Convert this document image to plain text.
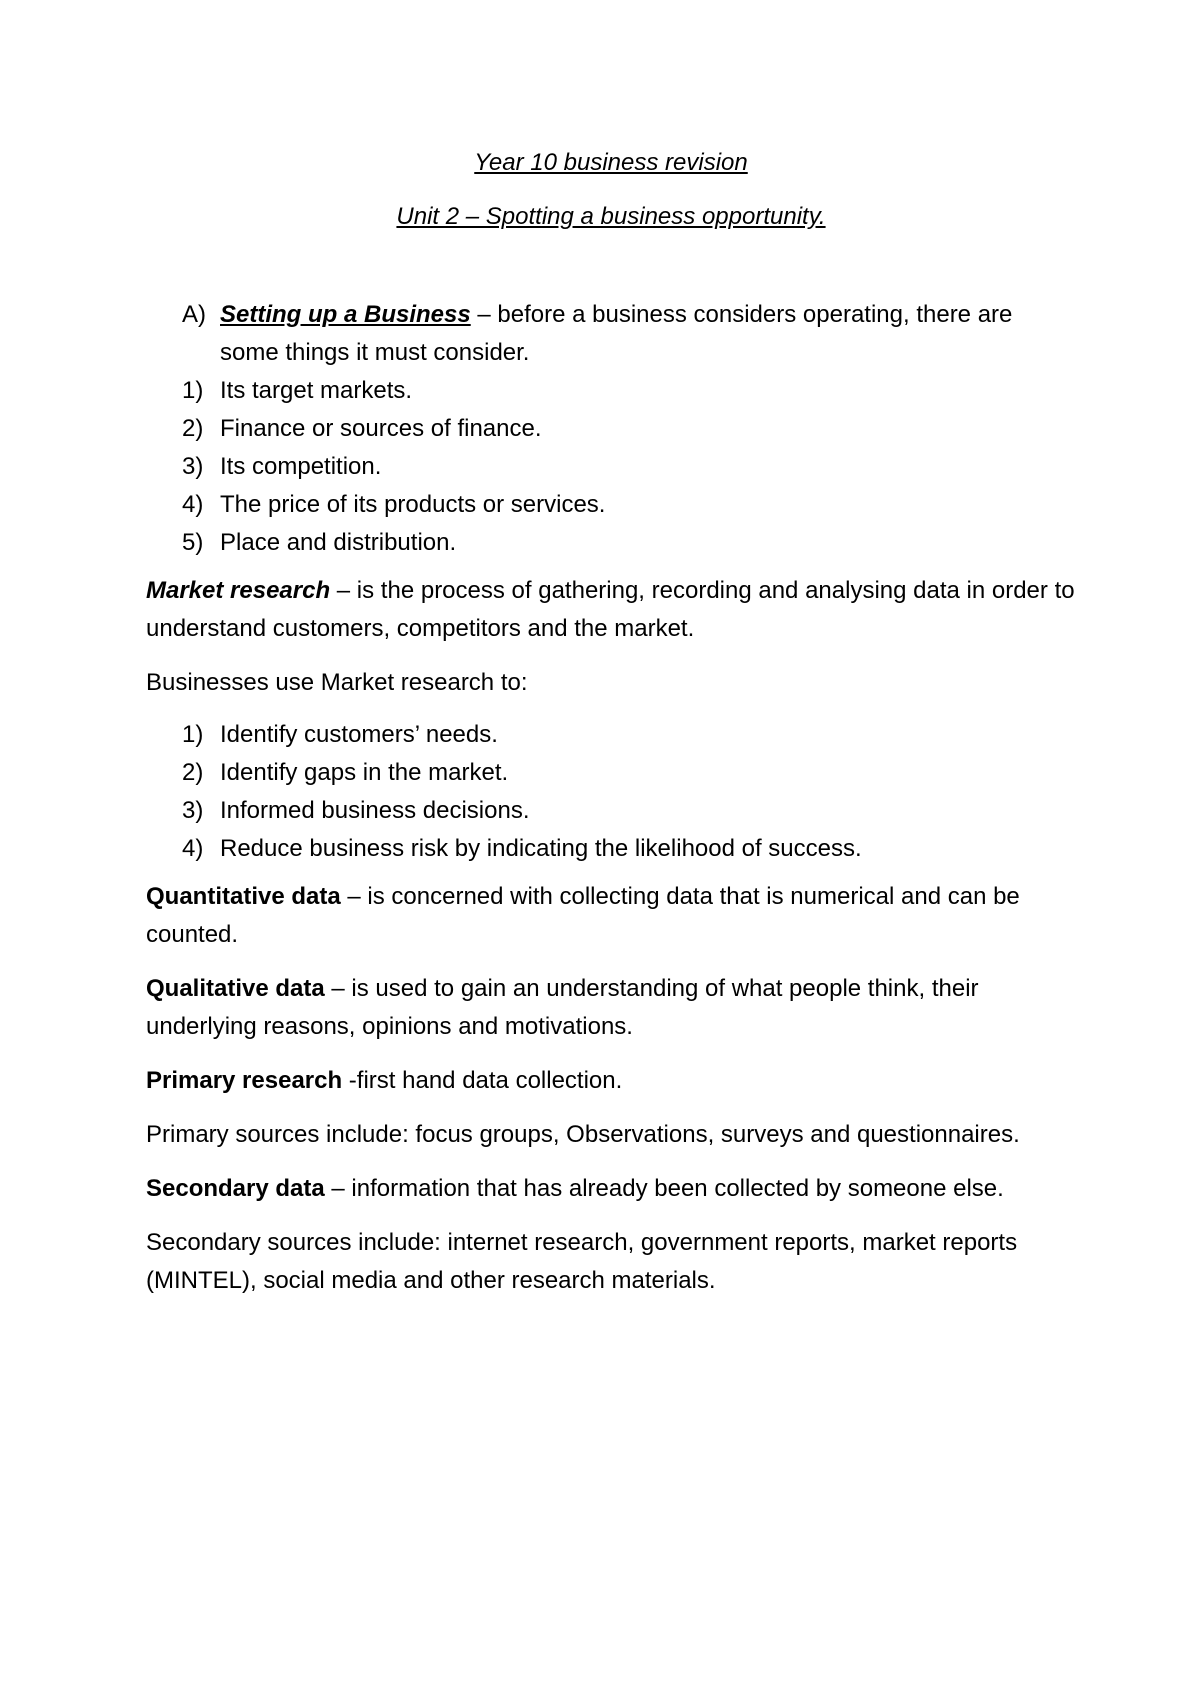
Year 10 business revision

Unit 2 – Spotting a business opportunity.

A) Setting up a Business – before a business considers operating, there are some things it must consider.
1) Its target markets.
2) Finance or sources of finance.
3) Its competition.
4) The price of its products or services.
5) Place and distribution.

Market research – is the process of gathering, recording and analysing data in order to understand customers, competitors and the market.

Businesses use Market research to:

1) Identify customers’ needs.
2) Identify gaps in the market.
3) Informed business decisions.
4) Reduce business risk by indicating the likelihood of success.

Quantitative data – is concerned with collecting data that is numerical and can be counted.

Qualitative data – is used to gain an understanding of what people think, their underlying reasons, opinions and motivations.

Primary research -first hand data collection.

Primary sources include: focus groups, Observations, surveys and questionnaires.

Secondary data – information that has already been collected by someone else.

Secondary sources include: internet research, government reports, market reports (MINTEL), social media and other research materials.
